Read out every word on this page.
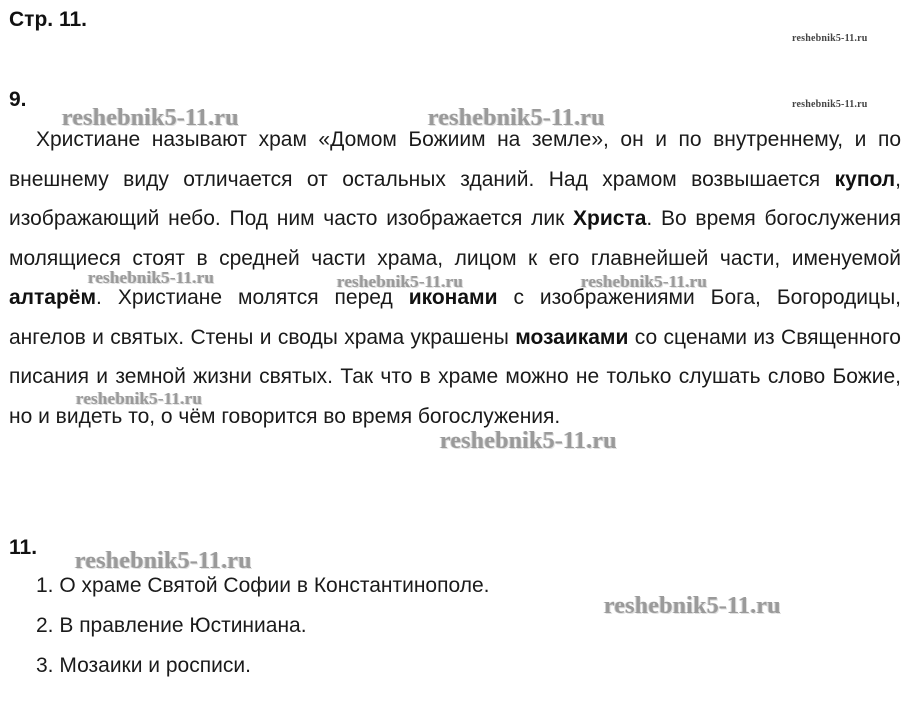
Стр. 11.
reshebnik5-11.ru
reshebnik5-11.ru
9.
reshebnik5-11.ru	reshebnik5-11.ru

Христиане называют храм «Домом Божиим на земле», он и по внутреннему, и по внешнему виду отличается от остальных зданий. Над храмом возвышается купол, изображающий небо. Под ним часто изображается лик Христа. Во время богослужения молящиеся стоят в средней части храма, лицом к его главнейшей части, именуемой алтарём. Христиане молятся перед иконами с изображениями Бога, Богородицы, ангелов и святых. Стены и своды храма украшены мозаиками со сценами из Священного писания и земной жизни святых. Так что в храме можно не только слушать слово Божие, но и видеть то, о чём говорится во время богослужения.

reshebnik5-11.ru	reshebnik5-11.ru	reshebnik5-11.ru
reshebnik5-11.ru
reshebnik5-11.ru
11.
reshebnik5-11.ru
reshebnik5-11.ru
1. О храме Святой Софии в Константинополе.
2. В правление Юстиниана.
3. Мозаики и росписи.
